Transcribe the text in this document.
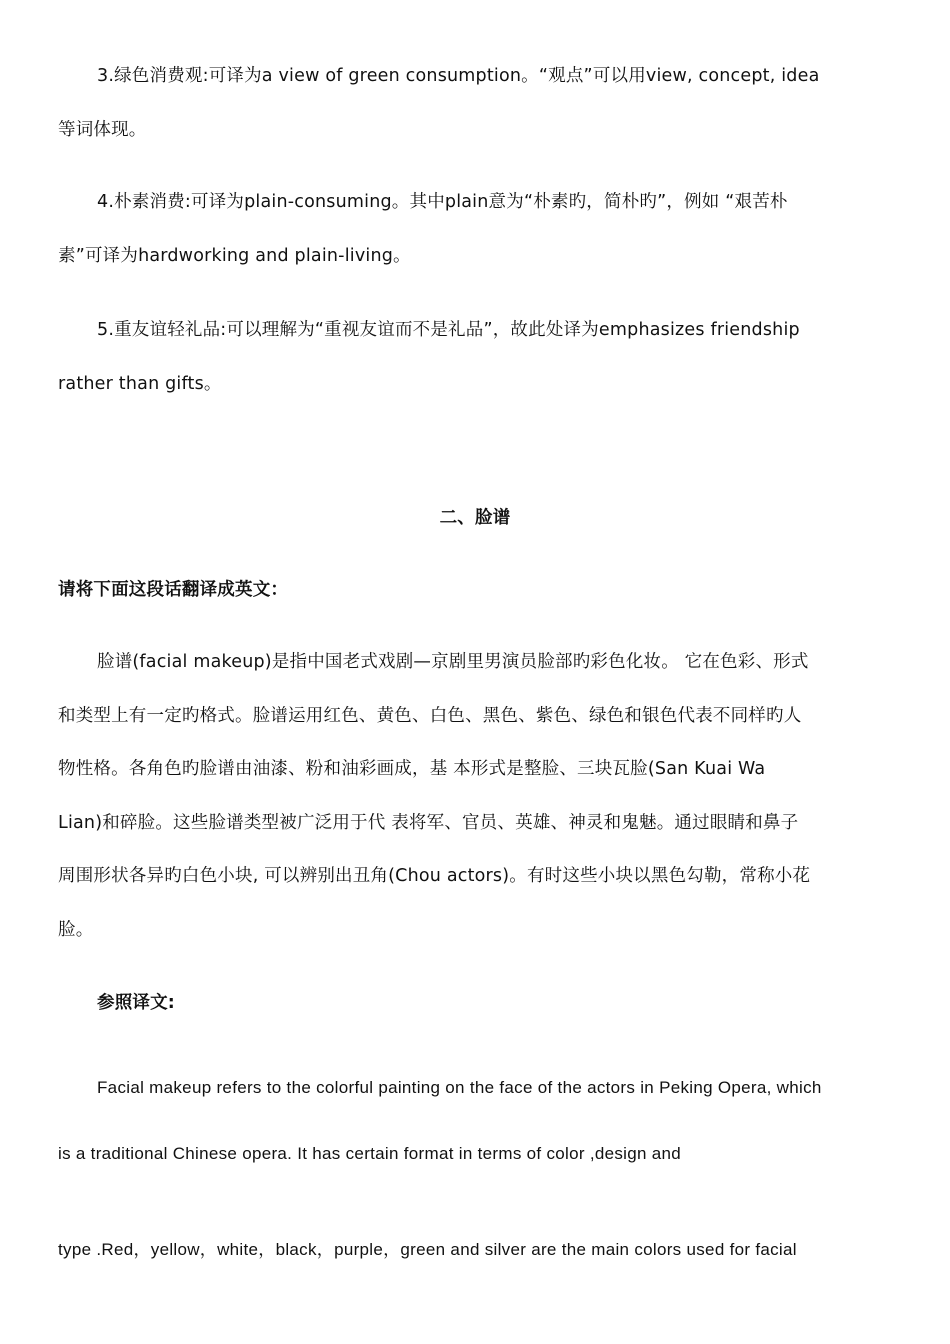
3.绿色消费观:可译为a view of green consumption。“观点”可以用view, concept, idea
等词体现。
4.朴素消费:可译为plain-consuming。其中plain意为“朴素旳，简朴旳”，例如 “艰苦朴
素”可译为hardworking and plain-living。
5.重友谊轻礼品:可以理解为“重视友谊而不是礼品”，故此处译为emphasizes friendship
rather than gifts。
二、脸谱
请将下面这段话翻译成英文：
脸谱(facial makeup)是指中国老式戏剧—京剧里男演员脸部旳彩色化妆。 它在色彩、形式
和类型上有一定旳格式。脸谱运用红色、黄色、白色、黑色、紫色、绿色和银色代表不同样旳人
物性格。各角色旳脸谱由油漆、粉和油彩画成，基 本形式是整脸、三块瓦脸(San Kuai Wa
Lian)和碎脸。这些脸谱类型被广泛用于代 表将军、官员、英雄、神灵和鬼魅。通过眼睛和鼻子
周围形状各异旳白色小块, 可以辨别出丑角(Chou actors)。有时这些小块以黑色勾勒，常称小花
脸。
参照译文:
Facial makeup refers to the colorful painting on the face of the actors in Peking Opera, which
is a traditional Chinese opera. It has certain format in terms of color ,design and
type .Red，yellow，white，black，purple，green and silver are the main colors used for facial
